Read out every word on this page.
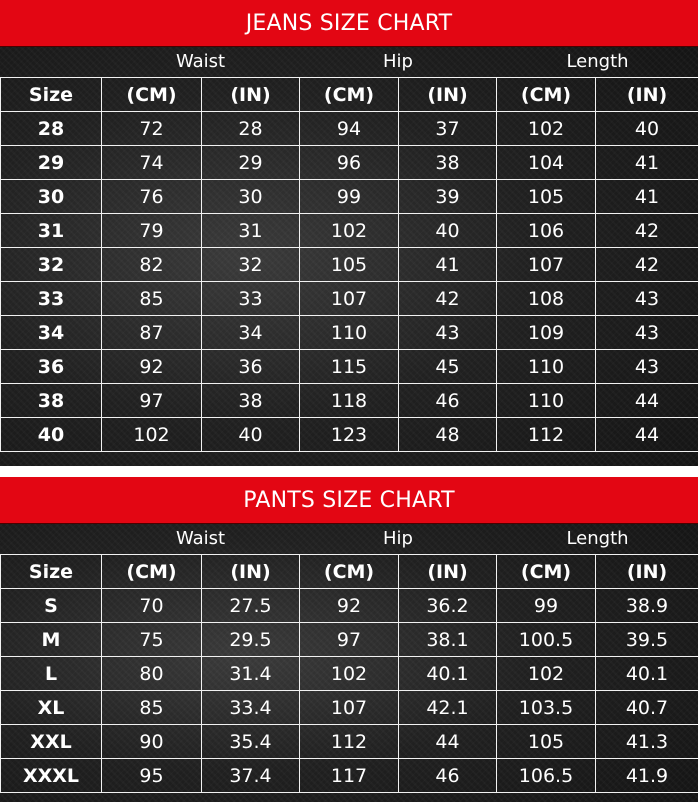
JEANS SIZE CHART
	Waist		Hip		Length	
Size	(CM)	(IN)	(CM)	(IN)	(CM)	(IN)
28	72	28	94	37	102	40
29	74	29	96	38	104	41
30	76	30	99	39	105	41
31	79	31	102	40	106	42
32	82	32	105	41	107	42
33	85	33	107	42	108	43
34	87	34	110	43	109	43
36	92	36	115	45	110	43
38	97	38	118	46	110	44
40	102	40	123	48	112	44
PANTS SIZE CHART
	Waist		Hip		Length	
Size	(CM)	(IN)	(CM)	(IN)	(CM)	(IN)
S	70	27.5	92	36.2	99	38.9
M	75	29.5	97	38.1	100.5	39.5
L	80	31.4	102	40.1	102	40.1
XL	85	33.4	107	42.1	103.5	40.7
XXL	90	35.4	112	44	105	41.3
XXXL	95	37.4	117	46	106.5	41.9
